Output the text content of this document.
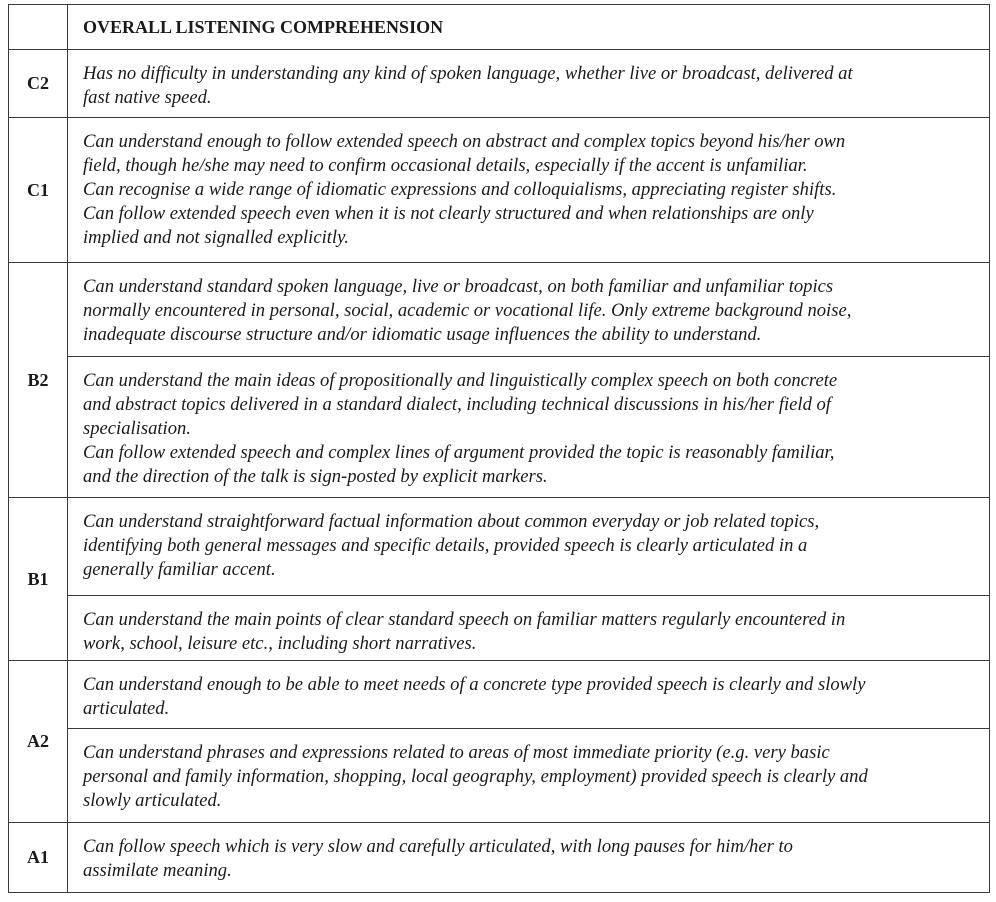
	OVERALL LISTENING COMPREHENSION
C2	Has no difficulty in understanding any kind of spoken language, whether live or broadcast, delivered at
fast native speed.

C1	Can understand enough to follow extended speech on abstract and complex topics beyond his/her own
field, though he/she may need to confirm occasional details, especially if the accent is unfamiliar.
Can recognise a wide range of idiomatic expressions and colloquialisms, appreciating register shifts.
Can follow extended speech even when it is not clearly structured and when relationships are only
implied and not signalled explicitly.

B2	Can understand standard spoken language, live or broadcast, on both familiar and unfamiliar topics
normally encountered in personal, social, academic or vocational life. Only extreme background noise,
inadequate discourse structure and/or idiomatic usage influences the ability to understand.

	Can understand the main ideas of propositionally and linguistically complex speech on both concrete
and abstract topics delivered in a standard dialect, including technical discussions in his/her field of
specialisation.
Can follow extended speech and complex lines of argument provided the topic is reasonably familiar,
and the direction of the talk is sign-posted by explicit markers.

B1	Can understand straightforward factual information about common everyday or job related topics,
identifying both general messages and specific details, provided speech is clearly articulated in a
generally familiar accent.

	Can understand the main points of clear standard speech on familiar matters regularly encountered in
work, school, leisure etc., including short narratives.

A2	Can understand enough to be able to meet needs of a concrete type provided speech is clearly and slowly
articulated.

	Can understand phrases and expressions related to areas of most immediate priority (e.g. very basic
personal and family information, shopping, local geography, employment) provided speech is clearly and
slowly articulated.

A1	Can follow speech which is very slow and carefully articulated, with long pauses for him/her to
assimilate meaning.
